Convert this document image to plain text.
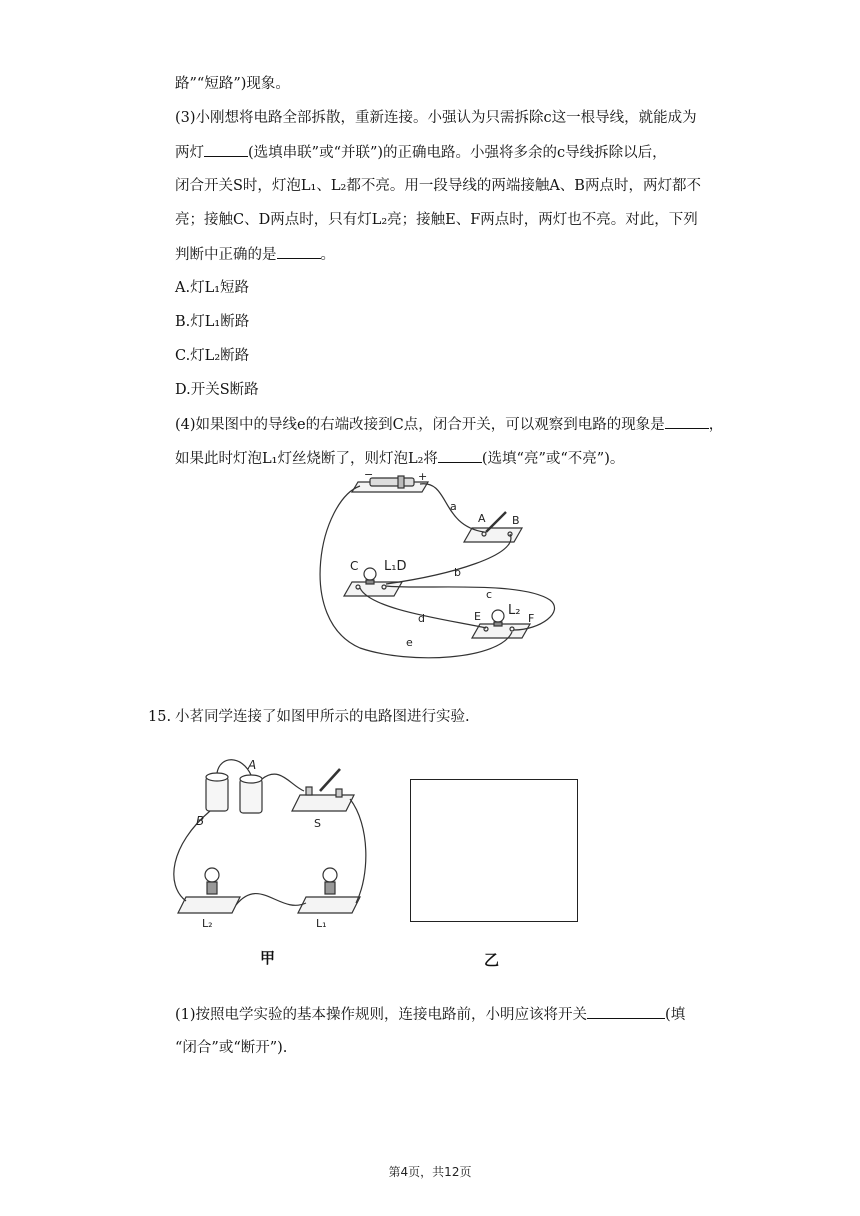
路”“短路”)现象。
(3)小刚想将电路全部拆散，重新连接。小强认为只需拆除c这一根导线，就能成为
两灯	(选填串联”或“并联”)的正确电路。小强将多余的c导线拆除以后，
闭合开关S时，灯泡L₁、L₂都不亮。用一段导线的两端接触A、B两点时，两灯都不
亮；接触C、D两点时，只有灯L₂亮；接触E、F两点时，两灯也不亮。对此，下列
判断中正确的是	。
A.灯L₁短路
B.灯L₁断路
C.灯L₂断路
D.开关S断路
(4)如果图中的导线e的右端改接到C点，闭合开关，可以观察到电路的现象是	，
如果此时灯泡L₁灯丝烧断了，则灯泡L₂将	(选填“亮”或“不亮”)。
−	+
a
A B
C L₁D	b
c
d	E L₂
F
e
15. 小茗同学连接了如图甲所示的电路图进行实验.
A
B	S
L₂	L₁
甲	乙
(1)按照电学实验的基本操作规则，连接电路前，小明应该将开关	(填
“闭合”或“断开”).
第4页，共12页
